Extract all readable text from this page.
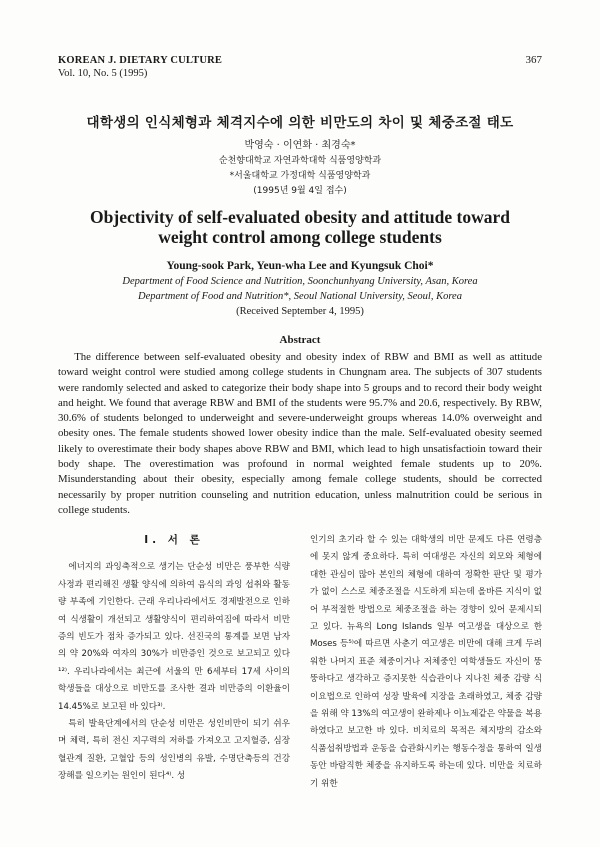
KOREAN J. DIETARY CULTURE
Vol. 10, No. 5 (1995)
367
대학생의 인식체형과 체격지수에 의한 비만도의 차이 및 체중조절 태도
박영숙 · 이연화 · 최경숙*
순천향대학교 자연과학대학 식품영양학과
*서울대학교 가정대학 식품영양학과
(1995년 9월 4일 접수)
Objectivity of self-evaluated obesity and attitude toward
weight control among college students
Young-sook Park, Yeun-wha Lee and Kyungsuk Choi*
Department of Food Science and Nutrition, Soonchunhyang University, Asan, Korea
Department of Food and Nutrition*, Seoul National University, Seoul, Korea
(Received September 4, 1995)
Abstract

The difference between self-evaluated obesity and obesity index of RBW and BMI as well as attitude toward weight control were studied among college students in Chungnam area. The subjects of 307 students were randomly selected and asked to categorize their body shape into 5 groups and to record their body weight and height. We found that average RBW and BMI of the students were 95.7% and 20.6, respectively. By RBW, 30.6% of students belonged to underweight and severe-underweight groups whereas 14.0% overweight and obesity ones. The female students showed lower obesity indice than the male. Self-evaluated obesity seemed likely to overestimate their body shapes above RBW and BMI, which lead to high unsatisfactioin toward their body shape. The overestimation was profound in normal weighted female students up to 20%. Misunderstanding about their obesity, especially among female college students, should be corrected necessarily by proper nutrition counseling and nutrition education, unless malnutrition could be serious in college students.

I. 서 론

에너지의 과잉축적으로 생기는 단순성 비만은 풍부한 식량 사정과 편리해진 생활 양식에 의하여 음식의 과잉 섭취와 활동량 부족에 기인한다. 근래 우리나라에서도 경제발전으로 인하여 식생활이 개선되고 생활양식이 편리하여짐에 따라서 비만증의 빈도가 점차 증가되고 있다. 선진국의 통계를 보면 남자의 약 20%와 여자의 30%가 비만증인 것으로 보고되고 있다¹²⁾. 우리나라에서는 최근에 서울의 만 6세부터 17세 사이의 학생들을 대상으로 비만도를 조사한 결과 비만증의 이환율이 14.45%로 보고된 바 있다³⁾.

특히 발육단계에서의 단순성 비만은 성인비만이 되기 쉬우며 체력, 특히 전신 지구력의 저하를 가져오고 고지혈증, 심장혈관계 질환, 고혈압 등의 성인병의 유발, 수명단축등의 건강장해를 일으키는 원인이 된다⁴⁾. 성

인기의 초기라 할 수 있는 대학생의 비만 문제도 다른 연령층에 못지 않게 중요하다. 특히 여대생은 자신의 외모와 체형에 대한 관심이 많아 본인의 체형에 대하여 정확한 판단 및 평가가 없이 스스로 체중조절을 시도하게 되는데 올바른 지식이 없어 부적절한 방법으로 체중조절을 하는 경향이 있어 문제시되고 있다. 뉴욕의 Long Islands 일부 여고생을 대상으로 한 Moses 등⁵⁾에 따르면 사춘기 여고생은 비만에 대해 크게 두려워한 나머지 표준 체중이거나 저체중인 여학생들도 자신이 뚱뚱하다고 생각하고 증지못한 식습관이나 지나친 체중 감량 식이요법으로 인하여 성장 발육에 지장을 초래하였고, 체중 감량을 위해 약 13%의 여고생이 완하제나 이뇨제같은 약물을 복용하였다고 보고한 바 있다. 비치료의 목적은 체지방의 감소와 식품섭취방법과 운동을 습관화시키는 행동수정을 통하여 일생동안 바람직한 체중을 유지하도록 하는데 있다. 비만을 치료하기 위한
